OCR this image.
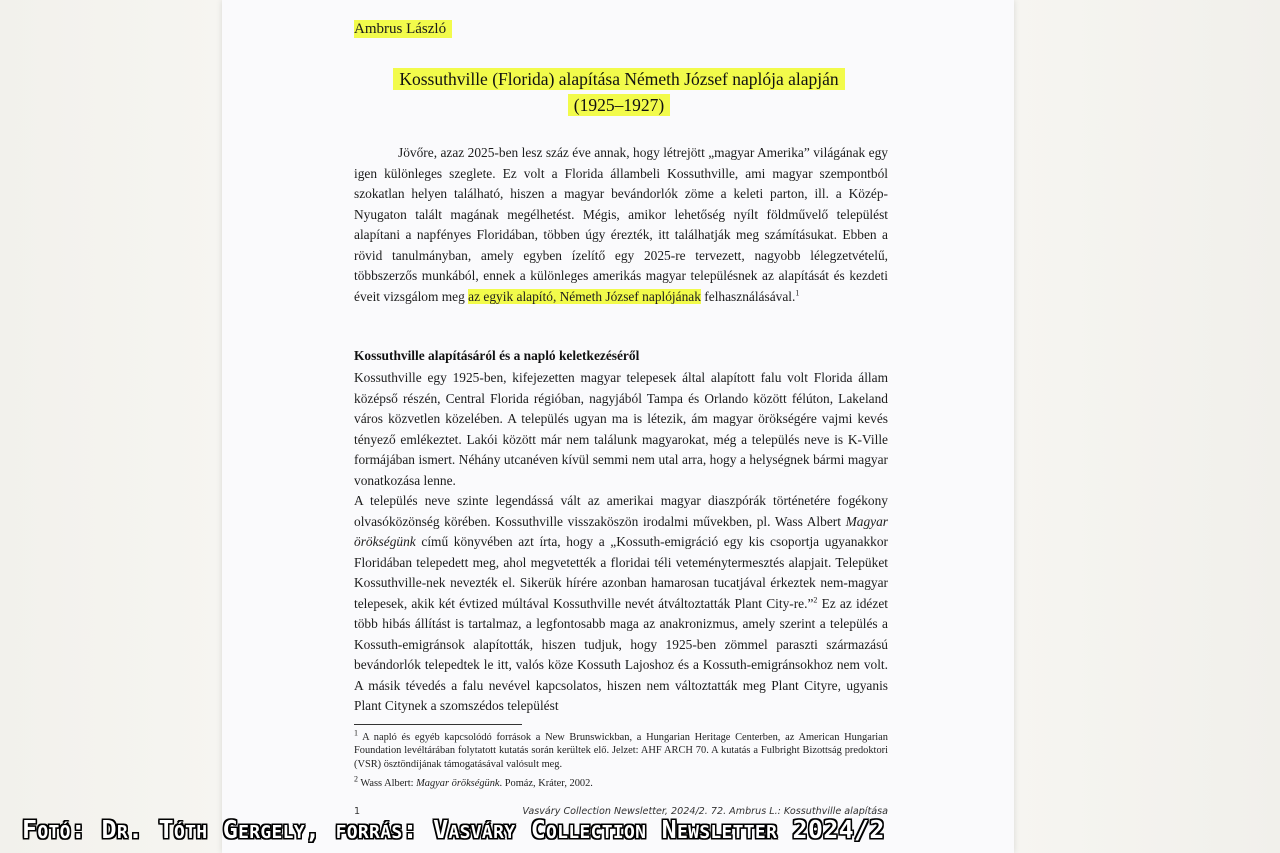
Ambrus László
Kossuthville (Florida) alapítása Németh József naplója alapján
(1925–1927)

Jövőre, azaz 2025-ben lesz száz éve annak, hogy létrejött „magyar Amerika” világának egy igen különleges szeglete. Ez volt a Florida állambeli Kossuthville, ami magyar szempontból szokatlan helyen található, hiszen a magyar bevándorlók zöme a keleti parton, ill. a Közép-Nyugaton talált magának megélhetést. Mégis, amikor lehetőség nyílt földművelő települést alapítani a napfényes Floridában, többen úgy érezték, itt találhatják meg számításukat. Ebben a rövid tanulmányban, amely egyben ízelítő egy 2025-re tervezett, nagyobb lélegzetvételű, többszerzős munkából, ennek a különleges amerikás magyar településnek az alapítását és kezdeti éveit vizsgálom meg az egyik alapító, Németh József naplójának felhasználásával.$^1$

Kossuthville alapításáról és a napló keletkezéséről

Kossuthville egy 1925-ben, kifejezetten magyar telepesek által alapított falu volt Florida állam középső részén, Central Florida régióban, nagyjából Tampa és Orlando között félúton, Lakeland város közvetlen közelében. A település ugyan ma is létezik, ám magyar örökségére vajmi kevés tényező emlékeztet. Lakói között már nem találunk magyarokat, még a település neve is K-Ville formájában ismert. Néhány utcanéven kívül semmi nem utal arra, hogy a helységnek bármi magyar vonatkozása lenne.

A település neve szinte legendássá vált az amerikai magyar diaszpórák történetére fogékony olvasóközönség körében. Kossuthville visszaköszön irodalmi művekben, pl. Wass Albert Magyar örökségünk című könyvében azt írta, hogy a „Kossuth-emigráció egy kis csoportja ugyanakkor Floridában telepedett meg, ahol megvetették a floridai téli veteménytermesztés alapjait. Telepüket Kossuthville-nek nevezték el. Sikerük hírére azonban hamarosan tucatjával érkeztek nem-magyar telepesek, akik két évtized múltával Kossuthville nevét átváltoztatták Plant City-re.”$^2$ Ez az idézet több hibás állítást is tartalmaz, a legfontosabb maga az anakronizmus, amely szerint a település a Kossuth-emigránsok alapították, hiszen tudjuk, hogy 1925-ben zömmel paraszti származású bevándorlók telepedtek le itt, valós köze Kossuth Lajoshoz és a Kossuth-emigránsokhoz nem volt. A másik tévedés a falu nevével kapcsolatos, hiszen nem változtatták meg Plant Cityre, ugyanis Plant Citynek a szomszédos települést

$^1$ A napló és egyéb kapcsolódó források a New Brunswickban, a Hungarian Heritage Centerben, az American Hungarian Foundation levéltárában folytatott kutatás során kerültek elő. Jelzet: AHF ARCH 70. A kutatás a Fulbright Bizottság predoktori (VSR) ösztöndíjának támogatásával valósult meg.

$^2$ Wass Albert: Magyar örökségünk. Pomáz, Kráter, 2002.

1	Vasváry Collection Newsletter, 2024/2. 72. Ambrus L.: Kossuthville alapítása
Fotó: Dr. Tóth Gergely, forrás: Vasváry Collection Newsletter 2024/2
